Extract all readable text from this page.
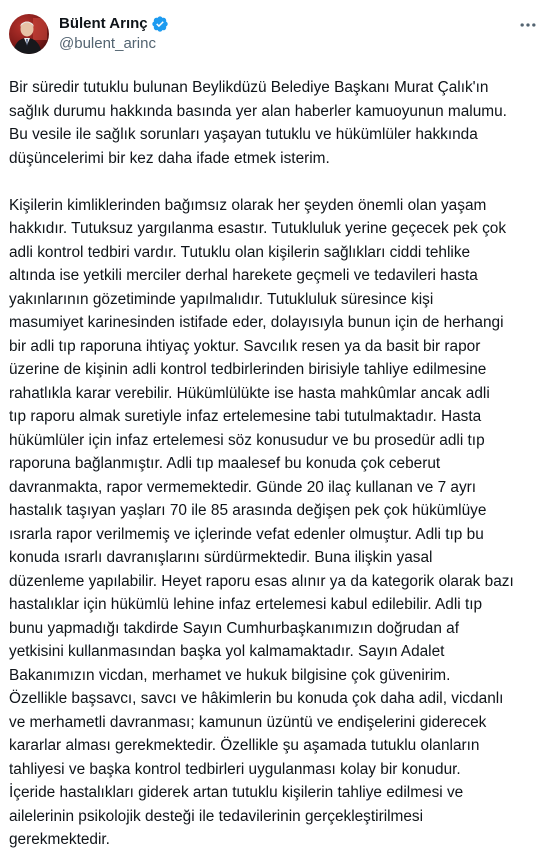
Bülent Arınç
@bulent_arinc
Bir süredir tutuklu bulunan Beylikdüzü Belediye Başkanı Murat Çalık'ın
sağlık durumu hakkında basında yer alan haberler kamuoyunun malumu.
Bu vesile ile sağlık sorunları yaşayan tutuklu ve hükümlüler hakkında
düşüncelerimi bir kez daha ifade etmek isterim.
Kişilerin kimliklerinden bağımsız olarak her şeyden önemli olan yaşam
hakkıdır. Tutuksuz yargılanma esastır. Tutukluluk yerine geçecek pek çok
adli kontrol tedbiri vardır. Tutuklu olan kişilerin sağlıkları ciddi tehlike
altında ise yetkili merciler derhal harekete geçmeli ve tedavileri hasta
yakınlarının gözetiminde yapılmalıdır. Tutukluluk süresince kişi
masumiyet karinesinden istifade eder, dolayısıyla bunun için de herhangi
bir adli tıp raporuna ihtiyaç yoktur. Savcılık resen ya da basit bir rapor
üzerine de kişinin adli kontrol tedbirlerinden birisiyle tahliye edilmesine
rahatlıkla karar verebilir. Hükümlülükte ise hasta mahkûmlar ancak adli
tıp raporu almak suretiyle infaz ertelemesine tabi tutulmaktadır. Hasta
hükümlüler için infaz ertelemesi söz konusudur ve bu prosedür adli tıp
raporuna bağlanmıştır. Adli tıp maalesef bu konuda çok ceberut
davranmakta, rapor vermemektedir. Günde 20 ilaç kullanan ve 7 ayrı
hastalık taşıyan yaşları 70 ile 85 arasında değişen pek çok hükümlüye
ısrarla rapor verilmemiş ve içlerinde vefat edenler olmuştur. Adli tıp bu
konuda ısrarlı davranışlarını sürdürmektedir. Buna ilişkin yasal
düzenleme yapılabilir. Heyet raporu esas alınır ya da kategorik olarak bazı
hastalıklar için hükümlü lehine infaz ertelemesi kabul edilebilir. Adli tıp
bunu yapmadığı takdirde Sayın Cumhurbaşkanımızın doğrudan af
yetkisini kullanmasından başka yol kalmamaktadır. Sayın Adalet
Bakanımızın vicdan, merhamet ve hukuk bilgisine çok güvenirim.
Özellikle başsavcı, savcı ve hâkimlerin bu konuda çok daha adil, vicdanlı
ve merhametli davranması; kamunun üzüntü ve endişelerini giderecek
kararlar alması gerekmektedir. Özellikle şu aşamada tutuklu olanların
tahliyesi ve başka kontrol tedbirleri uygulanması kolay bir konudur.
İçeride hastalıkları giderek artan tutuklu kişilerin tahliye edilmesi ve
ailelerinin psikolojik desteği ile tedavilerinin gerçekleştirilmesi
gerekmektedir.
